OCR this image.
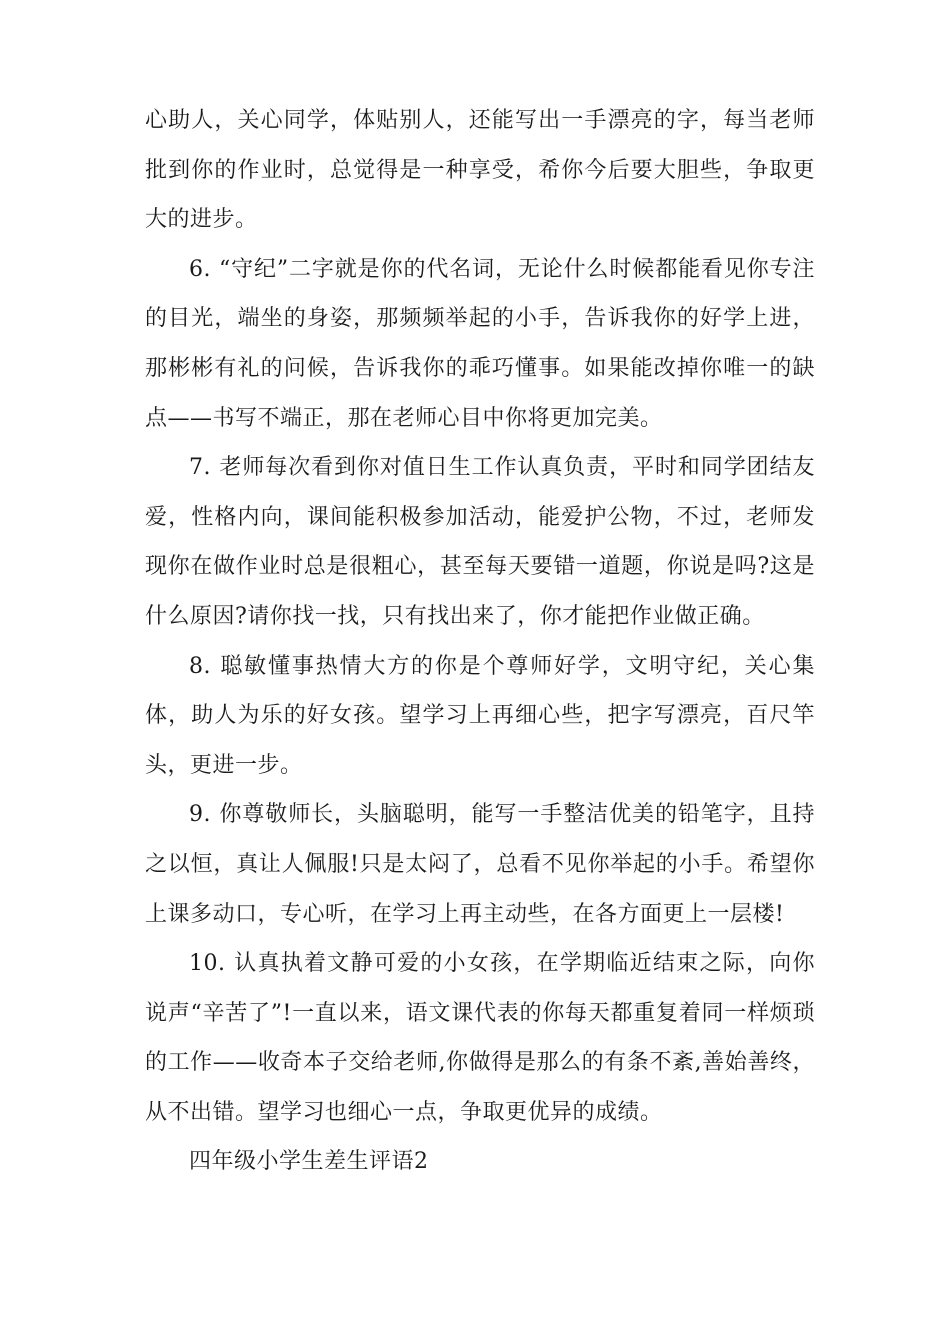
心助人，关心同学，体贴别人，还能写出一手漂亮的字，每当老师批到你的作业时，总觉得是一种享受，希你今后要大胆些，争取更大的进步。

6. “守纪”二字就是你的代名词，无论什么时候都能看见你专注的目光，端坐的身姿，那频频举起的小手，告诉我你的好学上进，那彬彬有礼的问候，告诉我你的乖巧懂事。如果能改掉你唯一的缺点——书写不端正，那在老师心目中你将更加完美。

7. 老师每次看到你对值日生工作认真负责，平时和同学团结友爱，性格内向，课间能积极参加活动，能爱护公物，不过，老师发现你在做作业时总是很粗心，甚至每天要错一道题，你说是吗?这是什么原因?请你找一找，只有找出来了，你才能把作业做正确。

8. 聪敏懂事热情大方的你是个尊师好学，文明守纪，关心集体，助人为乐的好女孩。望学习上再细心些，把字写漂亮，百尺竿头，更进一步。

9. 你尊敬师长，头脑聪明，能写一手整洁优美的铅笔字，且持之以恒，真让人佩服!只是太闷了，总看不见你举起的小手。希望你上课多动口，专心听，在学习上再主动些，在各方面更上一层楼!

10. 认真执着文静可爱的小女孩，在学期临近结束之际，向你说声“辛苦了”!一直以来，语文课代表的你每天都重复着同一样烦琐的工作——收奇本子交给老师,你做得是那么的有条不紊,善始善终，从不出错。望学习也细心一点，争取更优异的成绩。

四年级小学生差生评语2
